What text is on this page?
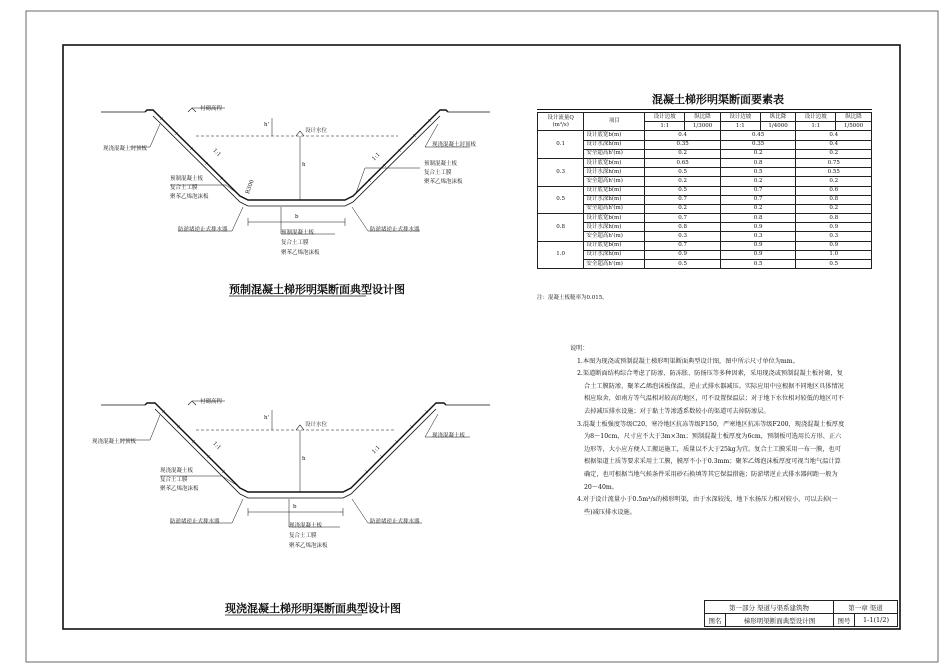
衬砌高程
设计水位
h'
h
b
R300
1:1	1:1
现浇混凝土封顶板
现浇混凝土封顶板
预制混凝土板
复合土工膜
聚苯乙烯泡沫板
预制混凝土板
复合土工膜
聚苯乙烯泡沫板
预制混凝土板
复合土工膜
聚苯乙烯泡沫板
防淤堵逆止式排水器	防淤堵逆止式排水器
预制混凝土梯形明渠断面典型设计图
衬砌高程
设计水位
h'
h
b
1:1	1:1
现浇混凝土封顶板
现浇混凝土板
现浇混凝土板
复合土工膜
聚苯乙烯泡沫板
现浇混凝土板
复合土工膜
聚苯乙烯泡沫板
防淤堵逆止式排水器	防淤堵逆止式排水器
现浇混凝土梯形明渠断面典型设计图
混凝土梯形明渠断面要素表
设计流量Q
(m³/s)	项目	设计边坡	纵比降	设计边坡	纵比降	设计边坡	纵比降
		1:1	1/3000	1:1	1/4000	1:1	1/5000
0.1	设计底宽b(m)	0.4		0.45		0.4	
	设计水深h(m)	0.35		0.35		0.4	
	安全超高h'(m)	0.2		0.2		0.2	
0.3	设计底宽b(m)	0.65		0.8		0.75	
	设计水深h(m)	0.5		0.5		0.55	
	安全超高h'(m)	0.2		0.2		0.2	
0.5	设计底宽b(m)	0.5		0.7		0.6	
	设计水深h(m)	0.7		0.7		0.8	
	安全超高h'(m)	0.2		0.2		0.2	
0.8	设计底宽b(m)	0.7		0.8		0.8	
	设计水深h(m)	0.8		0.9		0.9	
	安全超高h'(m)	0.3		0.3		0.3	
1.0	设计底宽b(m)	0.7		0.9		0.9	
	设计水深h(m)	0.9		0.9		1.0	
	安全超高h'(m)	0.5		0.5		0.5	
注：混凝土板糙率为0.015。
说明：
1.本图为现浇或预制混凝土梯形明渠断面典型设计图，图中所示尺寸单位为mm。
2.渠道断面结构综合考虑了防渗、防冻胀、防扬压等多种因素，采用现浇或预制混凝土板衬砌，复合土工膜防渗，聚苯乙烯泡沫板保温，逆止式排水器减压。实际应用中应根据不同地区具体情况相应取舍，如南方等气温相对较高的地区，可不设置保温层；对于地下水位相对较低的地区可不去掉减压排水设施；对于黏土等渗透系数较小的渠道可去掉防渗层。
3.混凝土板强度等级C20，寒冷地区抗冻等级F150，严寒地区抗冻等级F200，现浇混凝土板厚度为8～10cm，尺寸应不大于3m×3m；预制混凝土板厚度为6cm，预制板可选用长方形、正六边形等，大小应方便人工搬运施工，质量以不大于25kg为宜。复合土工膜采用一布一膜，也可根据渠道土质等要求采用土工膜，膜厚不小于0.3mm；聚苯乙烯泡沫板厚度可视当地气温计算确定，也可根据当地气候条件采用砂石换填等其它保温措施；防淤堵逆止式排水器间距一般为20～40m。
4.对于设计流量小于0.5m³/s的梯形明渠，由于水深较浅，地下水扬压力相对较小，可以去掉(一些)减压排水设施。
第一部分 渠道与渠系建筑物		第一章 渠道	
图名	梯形明渠断面典型设计图	图号	1-1(1/2)
